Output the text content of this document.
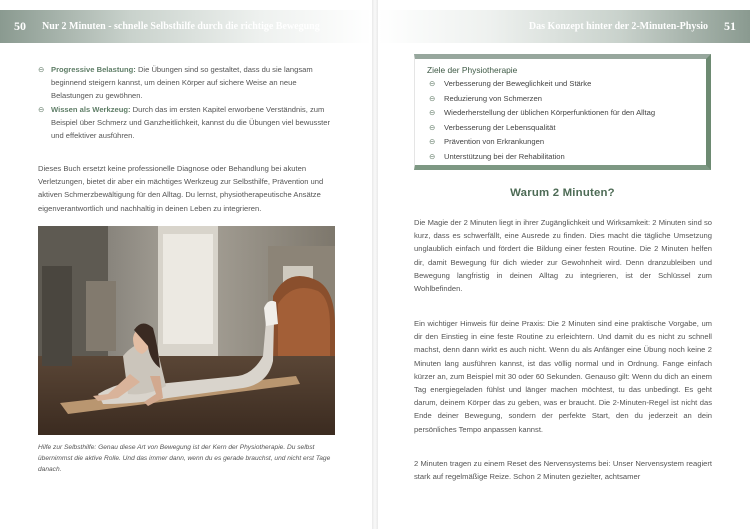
50	Nur 2 Minuten - schnelle Selbsthilfe durch die richtige Bewegung	Das Konzept hinter der 2-Minuten-Physio	51
⊖ Progressive Belastung: Die Übungen sind so gestaltet, dass du sie langsam beginnend steigern kannst, um deinen Körper auf sichere Weise an neue Belastungen zu gewöhnen.
⊖ Wissen als Werkzeug: Durch das im ersten Kapitel erworbene Verständnis, zum Beispiel über Schmerz und Ganzheitlichkeit, kannst du die Übungen viel bewusster und effektiver ausführen.

Dieses Buch ersetzt keine professionelle Diagnose oder Behandlung bei akuten Verletzungen, bietet dir aber ein mächtiges Werkzeug zur Selbsthilfe, Prävention und aktiven Schmerzbewältigung für den Alltag. Du lernst, physiotherapeutische Ansätze eigenverantwortlich und nachhaltig in deinen Leben zu integrieren.

Hilfe zur Selbsthilfe: Genau diese Art von Bewegung ist der Kern der Physiotherapie. Du selbst übernimmst die aktive Rolle. Und das immer dann, wenn du es gerade brauchst, und nicht erst Tage danach.

Ziele der Physiotherapie
⊖ Verbesserung der Beweglichkeit und Stärke
⊖ Reduzierung von Schmerzen
⊖ Wiederherstellung der üblichen Körperfunktionen für den Alltag
⊖ Verbesserung der Lebensqualität
⊖ Prävention von Erkrankungen
⊖ Unterstützung bei der Rehabilitation
Warum 2 Minuten?

Die Magie der 2 Minuten liegt in ihrer Zugänglichkeit und Wirksamkeit: 2 Minuten sind so kurz, dass es schwerfällt, eine Ausrede zu finden. Dies macht die tägliche Umsetzung unglaublich einfach und fördert die Bildung einer festen Routine. Die 2 Minuten helfen dir, damit Bewegung für dich wieder zur Gewohnheit wird. Denn dranzubleiben und Bewegung langfristig in deinen Alltag zu integrieren, ist der Schlüssel zum Wohlbefinden.

Ein wichtiger Hinweis für deine Praxis: Die 2 Minuten sind eine praktische Vorgabe, um dir den Einstieg in eine feste Routine zu erleichtern. Und damit du es nicht zu schnell machst, denn dann wirkt es auch nicht. Wenn du als Anfänger eine Übung noch keine 2 Minuten lang ausführen kannst, ist das völlig normal und in Ordnung. Fange einfach kürzer an, zum Beispiel mit 30 oder 60 Sekunden. Genauso gilt: Wenn du dich an einem Tag energiegeladen fühlst und länger machen möchtest, tu das unbedingt. Es geht darum, deinem Körper das zu geben, was er braucht. Die 2-Minuten-Regel ist nicht das Ende deiner Bewegung, sondern der perfekte Start, den du jederzeit an dein persönliches Tempo anpassen kannst.

2 Minuten tragen zu einem Reset des Nervensystems bei: Unser Nervensystem reagiert stark auf regelmäßige Reize. Schon 2 Minuten gezielter, achtsamer
